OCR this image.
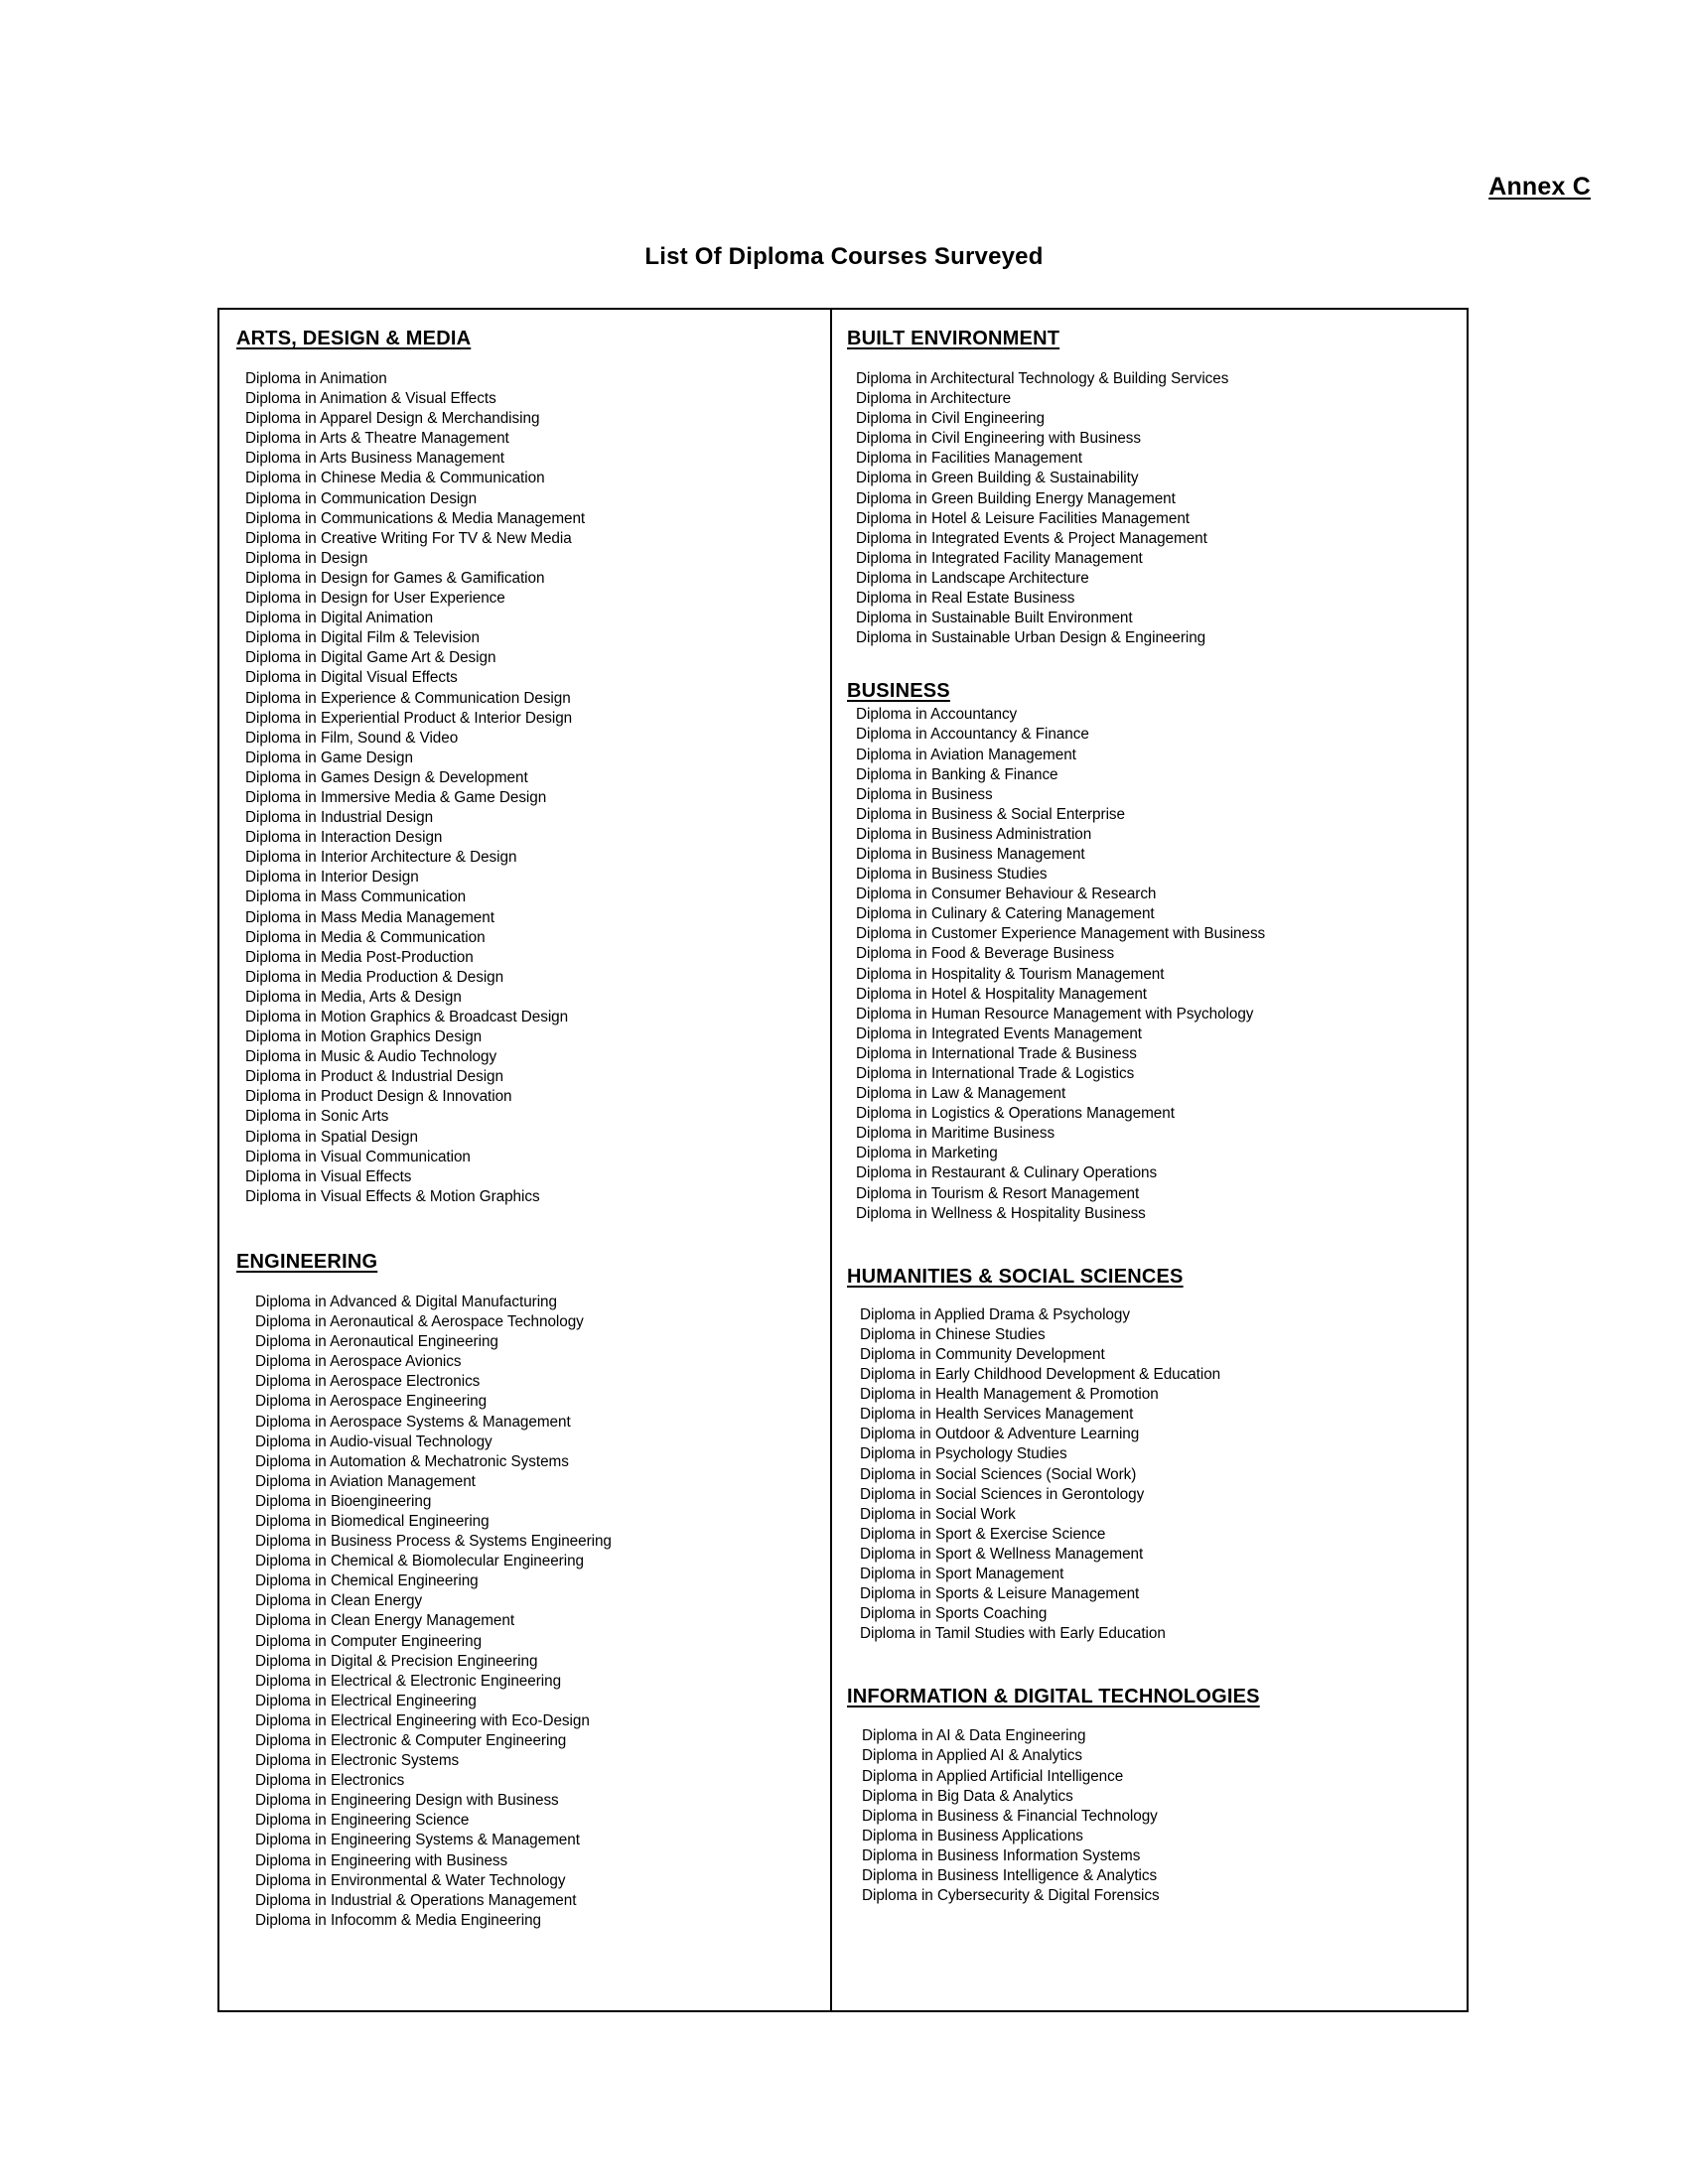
Annex C
List Of Diploma Courses Surveyed
ARTS, DESIGN & MEDIA
Diploma in Animation
Diploma in Animation & Visual Effects
Diploma in Apparel Design & Merchandising
Diploma in Arts & Theatre Management
Diploma in Arts Business Management
Diploma in Chinese Media & Communication
Diploma in Communication Design
Diploma in Communications & Media Management
Diploma in Creative Writing For TV & New Media
Diploma in Design
Diploma in Design for Games & Gamification
Diploma in Design for User Experience
Diploma in Digital Animation
Diploma in Digital Film & Television
Diploma in Digital Game Art & Design
Diploma in Digital Visual Effects
Diploma in Experience & Communication Design
Diploma in Experiential Product & Interior Design
Diploma in Film, Sound & Video
Diploma in Game Design
Diploma in Games Design & Development
Diploma in Immersive Media & Game Design
Diploma in Industrial Design
Diploma in Interaction Design
Diploma in Interior Architecture & Design
Diploma in Interior Design
Diploma in Mass Communication
Diploma in Mass Media Management
Diploma in Media & Communication
Diploma in Media Post-Production
Diploma in Media Production & Design
Diploma in Media, Arts & Design
Diploma in Motion Graphics & Broadcast Design
Diploma in Motion Graphics Design
Diploma in Music & Audio Technology
Diploma in Product & Industrial Design
Diploma in Product Design & Innovation
Diploma in Sonic Arts
Diploma in Spatial Design
Diploma in Visual Communication
Diploma in Visual Effects
Diploma in Visual Effects & Motion Graphics
ENGINEERING
Diploma in Advanced & Digital Manufacturing
Diploma in Aeronautical & Aerospace Technology
Diploma in Aeronautical Engineering
Diploma in Aerospace Avionics
Diploma in Aerospace Electronics
Diploma in Aerospace Engineering
Diploma in Aerospace Systems & Management
Diploma in Audio-visual Technology
Diploma in Automation & Mechatronic Systems
Diploma in Aviation Management
Diploma in Bioengineering
Diploma in Biomedical Engineering
Diploma in Business Process & Systems Engineering
Diploma in Chemical & Biomolecular Engineering
Diploma in Chemical Engineering
Diploma in Clean Energy
Diploma in Clean Energy Management
Diploma in Computer Engineering
Diploma in Digital & Precision Engineering
Diploma in Electrical & Electronic Engineering
Diploma in Electrical Engineering
Diploma in Electrical Engineering with Eco-Design
Diploma in Electronic & Computer Engineering
Diploma in Electronic Systems
Diploma in Electronics
Diploma in Engineering Design with Business
Diploma in Engineering Science
Diploma in Engineering Systems & Management
Diploma in Engineering with Business
Diploma in Environmental & Water Technology
Diploma in Industrial & Operations Management
Diploma in Infocomm & Media Engineering
BUILT ENVIRONMENT
Diploma in Architectural Technology & Building Services
Diploma in Architecture
Diploma in Civil Engineering
Diploma in Civil Engineering with Business
Diploma in Facilities Management
Diploma in Green Building & Sustainability
Diploma in Green Building Energy Management
Diploma in Hotel & Leisure Facilities Management
Diploma in Integrated Events & Project Management
Diploma in Integrated Facility Management
Diploma in Landscape Architecture
Diploma in Real Estate Business
Diploma in Sustainable Built Environment
Diploma in Sustainable Urban Design & Engineering
BUSINESS
Diploma in Accountancy
Diploma in Accountancy & Finance
Diploma in Aviation Management
Diploma in Banking & Finance
Diploma in Business
Diploma in Business & Social Enterprise
Diploma in Business Administration
Diploma in Business Management
Diploma in Business Studies
Diploma in Consumer Behaviour & Research
Diploma in Culinary & Catering Management
Diploma in Customer Experience Management with Business
Diploma in Food & Beverage Business
Diploma in Hospitality & Tourism Management
Diploma in Hotel & Hospitality Management
Diploma in Human Resource Management with Psychology
Diploma in Integrated Events Management
Diploma in International Trade & Business
Diploma in International Trade & Logistics
Diploma in Law & Management
Diploma in Logistics & Operations Management
Diploma in Maritime Business
Diploma in Marketing
Diploma in Restaurant & Culinary Operations
Diploma in Tourism & Resort Management
Diploma in Wellness & Hospitality Business
HUMANITIES & SOCIAL SCIENCES
Diploma in Applied Drama & Psychology
Diploma in Chinese Studies
Diploma in Community Development
Diploma in Early Childhood Development & Education
Diploma in Health Management & Promotion
Diploma in Health Services Management
Diploma in Outdoor & Adventure Learning
Diploma in Psychology Studies
Diploma in Social Sciences (Social Work)
Diploma in Social Sciences in Gerontology
Diploma in Social Work
Diploma in Sport & Exercise Science
Diploma in Sport & Wellness Management
Diploma in Sport Management
Diploma in Sports & Leisure Management
Diploma in Sports Coaching
Diploma in Tamil Studies with Early Education
INFORMATION & DIGITAL TECHNOLOGIES
Diploma in AI & Data Engineering
Diploma in Applied AI & Analytics
Diploma in Applied Artificial Intelligence
Diploma in Big Data & Analytics
Diploma in Business & Financial Technology
Diploma in Business Applications
Diploma in Business Information Systems
Diploma in Business Intelligence & Analytics
Diploma in Cybersecurity & Digital Forensics
